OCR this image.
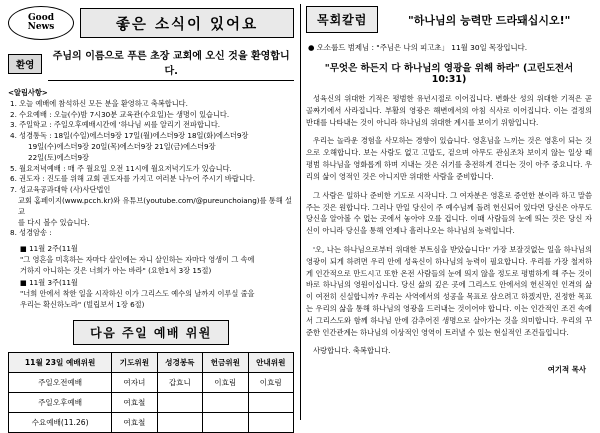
Good
News	좋은 소식이 있어요
환영
주님의 이름으로 푸른 초장 교회에 오신 것을 환영합니다.
<알림사항>
1. 오늘 예배에 참석하신 모든 분을 환영하고 축복합니다.
2. 수요예배 : 오늘(수)밤 7시30분 교육관(수요일)는 생명이 있습니다.
3. 주일학교 : 주일오후예배시간에 '하나님 씨를 알리기 전파합니다.
4. 성경통독 : 18일(수일)에스더9장 17일(월)에스더9장 18일(화)에스더9장
19일(수)에스더9장 20일(목)에스더9장 21일(금)에스더9장
22일(토)에스더9장
5. 월요저녁예배 : 매 주 월요일 오전 11시에 월요저녁기도가 있습니다.
6. 권도자 : 진도를 위해 교회 권도자를 가지고 여러분 나누어 주시기 바랍니다.
7. 성교육공과대학 (사)사단법인
교회 홈페이지(www.pcch.kr)와 유튜브(youtube.com/@pureunchoiang)를 통해 설교
를 다시 볼수 있습니다.
8. 성경암송 :
■ 11월 2주(11월
"그 영혼을 미혹하는 자마다 살인에는 자니 살인하는 자마다 영생이 그 속에
거하지 아니하는 것은 너희가 아는 바라" (요한1서 3장 15절)
■ 11월 3주(11월
"너희 안에서 착한 일을 시작하신 이가 그리스도 예수의 날까지 이루실 줄을
우리는 확신하노라" (빌립보서 1장 6절)
다음 주일 예배 위원
11월 23일 예배위원	기도위원	성경봉독	헌금위원	안내위원
주일오전예배	여자녀	갑효니	이효림	이효림
주일오후예배	여효철			
수요예배(11.26)	여효철			
목회칼럼	"하나님의 능력만 드라돼십시오!"
● 오소룹드 범제님 : "주님은 나의 피고초」 11월 30일 목장입니다.
"무엇은 하든지 다 하나님의 영광을 위해 하라" (고린도전서 10:31)

성육신의 위대한 기적은 평범한 유년시절로 이어집니다. 변화산 성의 위대한 기적은 곧 골짜기에서 사라집니다. 부활의 영광은 해변에서의 아침 식사로 이어집니다. 이는 결정의 반대를 나타내는 것이 아니라 하나님의 위대한 계시를 보이기 위함입니다.

우리는 놀라운 경험을 사모하는 경향이 있습니다. 영혼님을 느끼는 것은 영혼이 되는 것으로 오해합니다. 보는 사람도 없고 고맙도, 겉으며 아무도 관심조차 보이지 않는 일상 때 평범 하나님을 영화롭게 하며 지내는 것은 쉬기를 충전하게 견디는 것이 아주 중요니다. 우리의 삶이 영적인 것은 아니지만 위대한 사람을 준비합니다.

그 사람은 일하나 준비한 기도로 시작니다. 그 여자분은 영혼로 증언한 분이라 하고 말씀 주는 것은 원합니다. 그러나 만일 당신이 주 예수님께 돌려 헌신되어 있다면 당신은 아무도 당신을 알아볼 수 없는 곳에서 놓아야 오를 겁니다. 이때 사람들의 눈에 띄는 것은 당신 자신이 아니라 당신을 통해 언제나 흘러나오는 하나님의 능력입니다.

'오, 나는 하나님으로부터 위대한 부트심을 받았습니다!' 가장 보잘것없는 일을 하나님의 영광이 되게 하려면 우리 안에 성육신이 하나님의 능력이 필요합니다. 우리를 가장 철저하게 인간적으로 만드시고 또한 온전 사람들의 눈에 띄지 않을 정도로 평범하게 해 주는 것이 바로 하나님의 영원이십니다. 당신 삶의 깊은 곳에 그리스도 안에서의 헌신적인 인격의 삶이 여전히 신실합니까? 우리는 사역에서의 성공을 목표로 삼으려고 하겠지만, 진정한 목표는 우리의 삶을 통해 하나님의 영광을 드러내는 것이어야 합니다. 이는 인간적인 조건 속에서 그리스도와 함께 하나님 안에 감추어진 생명으로 살아가는 것을 의미합니다. 우리의 꾸준한 인간관계는 하나님의 이상적인 영역이 트러낼 수 있는 현실적인 조건들입니다.

사랑합니다. 축복합니다.

여기적 목사
